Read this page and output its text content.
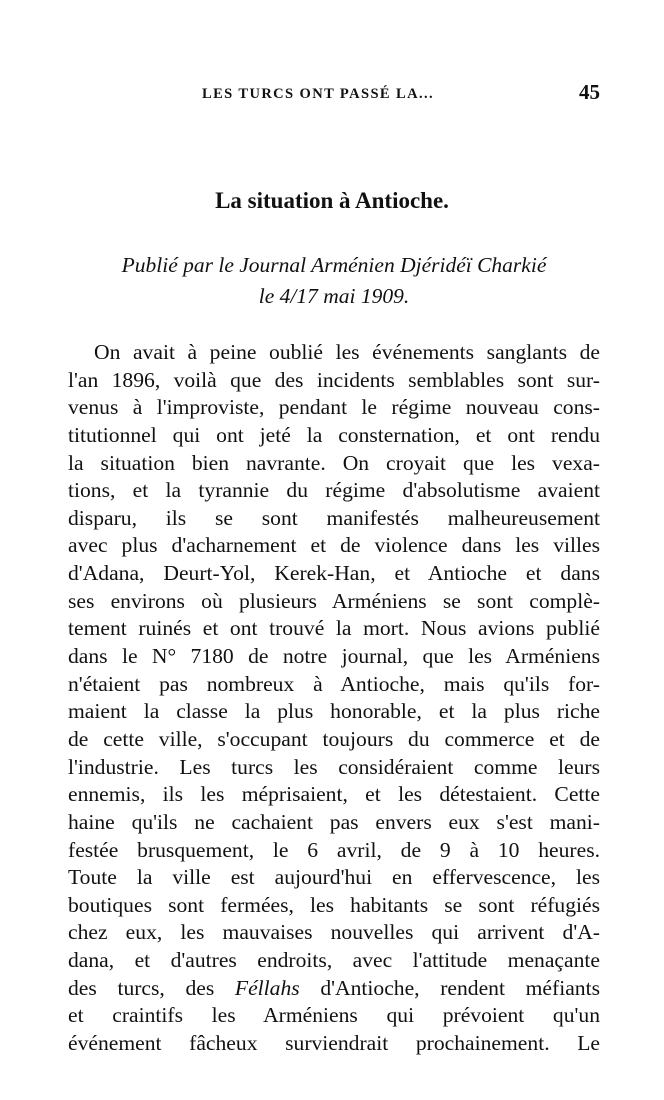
LES TURCS ONT PASSÉ LA...	45
La situation à Antioche.
Publié par le Journal Arménien Djéridéï Charkié
le 4/17 mai 1909.
On avait à peine oublié les événements sanglants de
l'an 1896, voilà que des incidents semblables sont sur-
venus à l'improviste, pendant le régime nouveau cons-
titutionnel qui ont jeté la consternation, et ont rendu
la situation bien navrante. On croyait que les vexa-
tions, et la tyrannie du régime d'absolutisme avaient
disparu, ils se sont manifestés malheureusement
avec plus d'acharnement et de violence dans les villes
d'Adana, Deurt-Yol, Kerek-Han, et Antioche et dans
ses environs où plusieurs Arméniens se sont complè-
tement ruinés et ont trouvé la mort. Nous avions publié
dans le N° 7180 de notre journal, que les Arméniens
n'étaient pas nombreux à Antioche, mais qu'ils for-
maient la classe la plus honorable, et la plus riche
de cette ville, s'occupant toujours du commerce et de
l'industrie. Les turcs les considéraient comme leurs
ennemis, ils les méprisaient, et les détestaient. Cette
haine qu'ils ne cachaient pas envers eux s'est mani-
festée brusquement, le 6 avril, de 9 à 10 heures.
Toute la ville est aujourd'hui en effervescence, les
boutiques sont fermées, les habitants se sont réfugiés
chez eux, les mauvaises nouvelles qui arrivent d'A-
dana, et d'autres endroits, avec l'attitude menaçante
des turcs, des Féllahs d'Antioche, rendent méfiants
et craintifs les Arméniens qui prévoient qu'un
événement fâcheux surviendrait prochainement. Le
